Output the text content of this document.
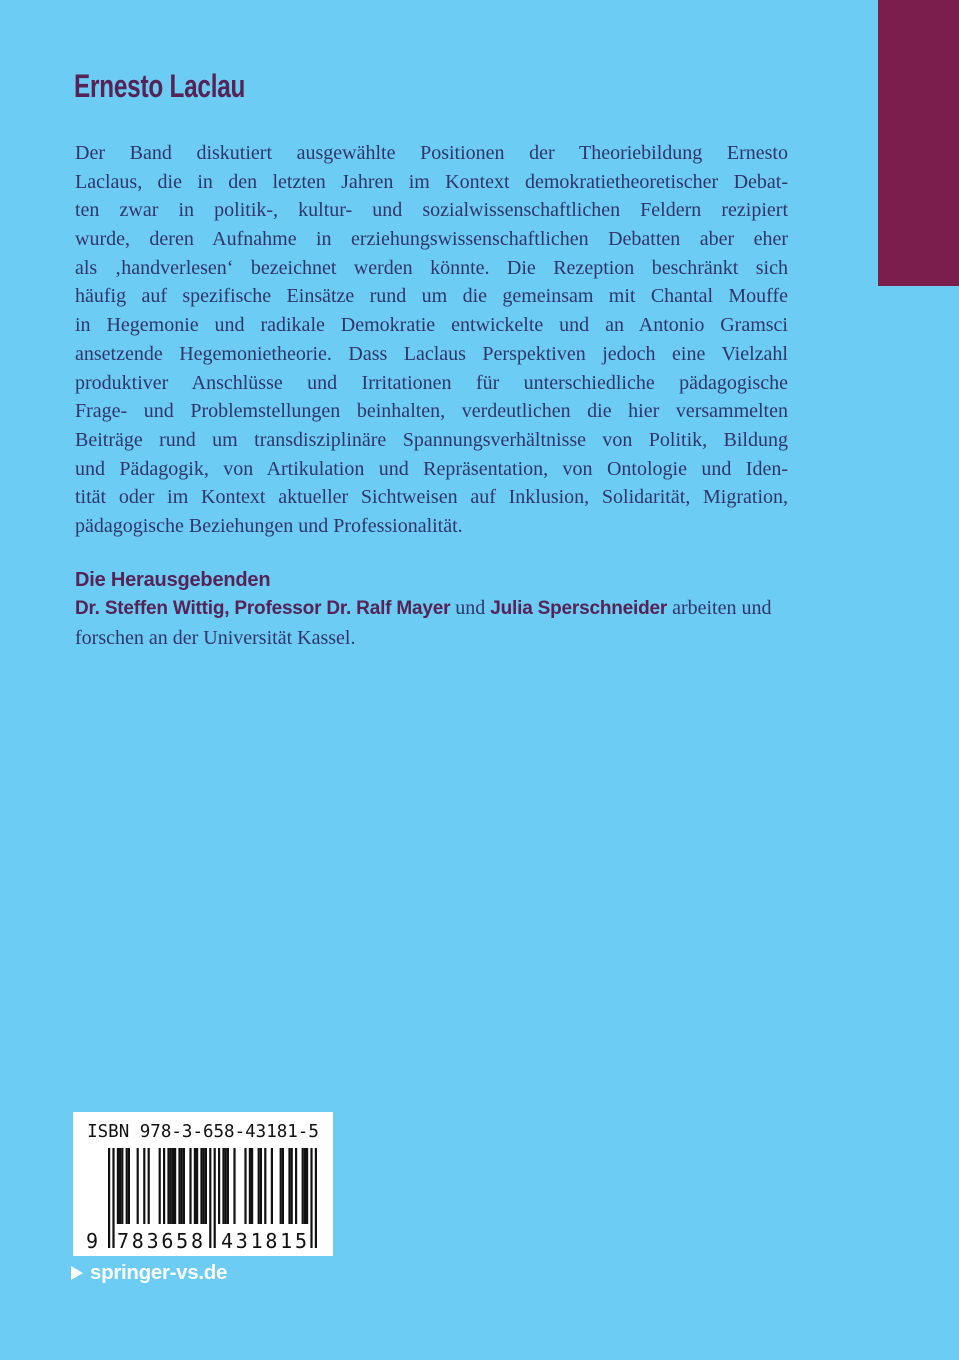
Ernesto Laclau
Der Band diskutiert ausgewählte Positionen der Theoriebildung Ernesto
Laclaus, die in den letzten Jahren im Kontext demokratietheoretischer Debat-
ten zwar in politik-, kultur- und sozialwissenschaftlichen Feldern rezipiert
wurde, deren Aufnahme in erziehungswissenschaftlichen Debatten aber eher
als ‚handverlesen‘ bezeichnet werden könnte. Die Rezeption beschränkt sich
häufig auf spezifische Einsätze rund um die gemeinsam mit Chantal Mouffe
in Hegemonie und radikale Demokratie entwickelte und an Antonio Gramsci
ansetzende Hegemonietheorie. Dass Laclaus Perspektiven jedoch eine Vielzahl
produktiver Anschlüsse und Irritationen für unterschiedliche pädagogische
Frage- und Problemstellungen beinhalten, verdeutlichen die hier versammelten
Beiträge rund um transdisziplinäre Spannungsverhältnisse von Politik, Bildung
und Pädagogik, von Artikulation und Repräsentation, von Ontologie und Iden-
tität oder im Kontext aktueller Sichtweisen auf Inklusion, Solidarität, Migration,
pädagogische Beziehungen und Professionalität.
Die Herausgebenden
Dr. Steffen Wittig, Professor Dr. Ralf Mayer und Julia Sperschneider arbeiten und
forschen an der Universität Kassel.
ISBN 978-3-658-43181-5
9 783658 431815
springer-vs.de
